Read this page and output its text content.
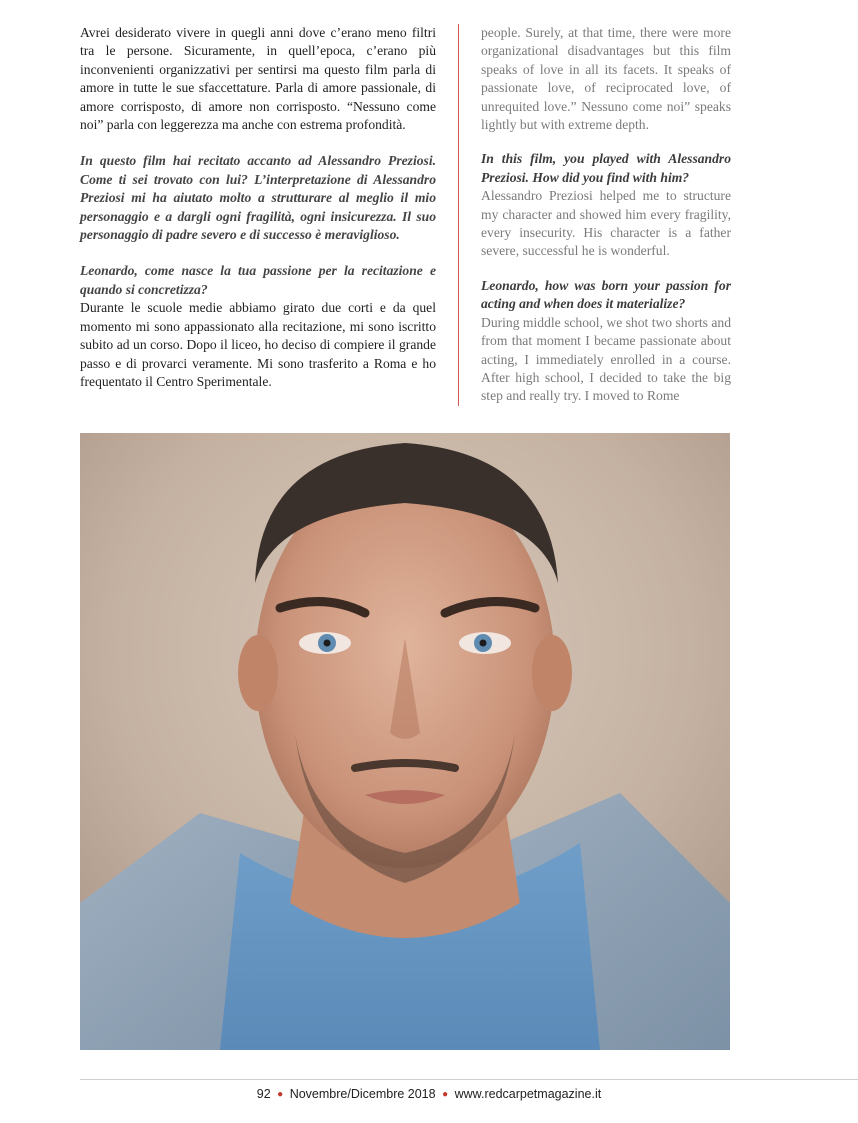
Avrei desiderato vivere in quegli anni dove c’erano meno filtri tra le persone. Sicuramente, in quell’epoca, c’erano più inconvenienti organizzativi per sentirsi ma questo film parla di amore in tutte le sue sfaccettature. Parla di amore passionale, di amore corrisposto, di amore non corrisposto. “Nessuno come noi” parla con leggerezza ma anche con estrema profondità.

In questo film hai recitato accanto ad Alessandro Preziosi. Come ti sei trovato con lui? L’interpretazione di Alessandro Preziosi mi ha aiutato molto a strutturare al meglio il mio personaggio e a dargli ogni fragilità, ogni insicurezza. Il suo personaggio di padre severo e di successo è meraviglioso.

Leonardo, come nasce la tua passione per la recitazione e quando si concretizza?

Durante le scuole medie abbiamo girato due corti e da quel momento mi sono appassionato alla recitazione, mi sono iscritto subito ad un corso. Dopo il liceo, ho deciso di compiere il grande passo e di provarci veramente. Mi sono trasferito a Roma e ho frequentato il Centro Sperimentale.

people. Surely, at that time, there were more organizational disadvantages but this film speaks of love in all its facets. It speaks of passionate love, of reciprocated love, of unrequited love.” Nessuno come noi” speaks lightly but with extreme depth.

In this film, you played with Alessandro Preziosi. How did you find with him?

Alessandro Preziosi helped me to structure my character and showed him every fragility, every insecurity. His character is a father severe, successful he is wonderful.

Leonardo, how was born your passion for acting and when does it materialize?

During middle school, we shot two shorts and from that moment I became passionate about acting, I immediately enrolled in a course. After high school, I decided to take the big step and really try. I moved to Rome

92 ● Novembre/Dicembre 2018 ● www.redcarpetmagazine.it
